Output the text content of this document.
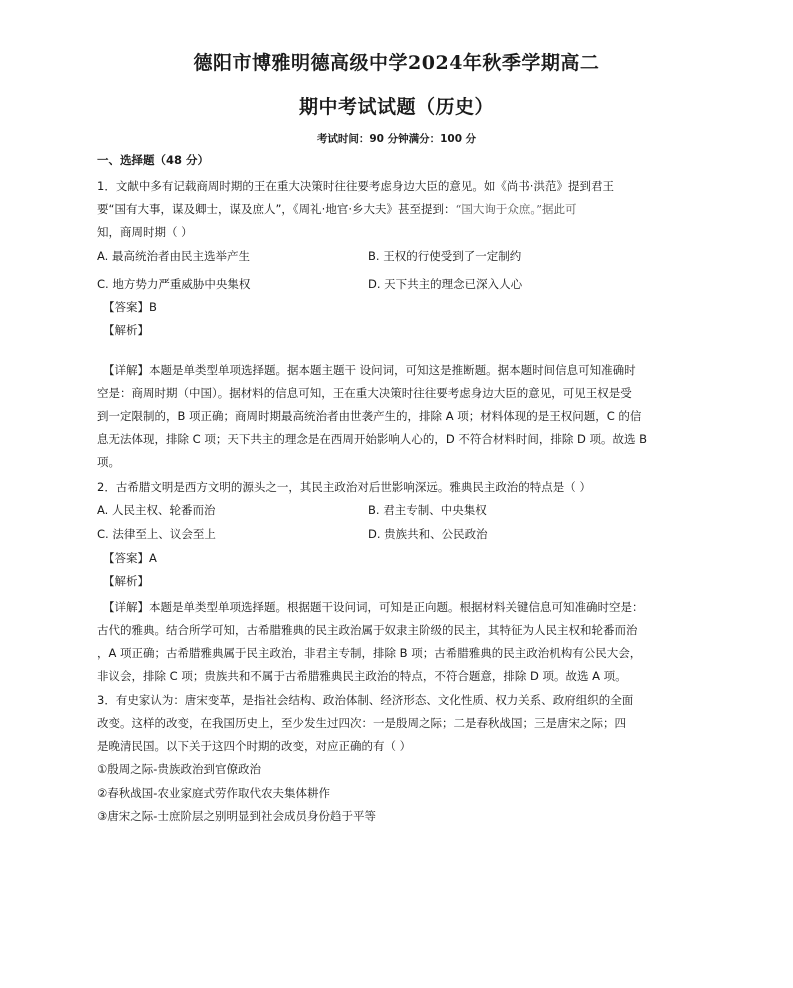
德阳市博雅明德高级中学2024年秋季学期高二
期中考试试题（历史）
考试时间：90 分钟满分：100 分
一、选择题（48 分）
1．文献中多有记载商周时期的王在重大决策时往往要考虑身边大臣的意见。如《尚书·洪范》提到君王
要“国有大事，谋及卿士，谋及庶人”，《周礼·地官·乡大夫》甚至提到：“国大询于众庶。”据此可
知，商周时期（ ）
A. 最高统治者由民主选举产生	B. 王权的行使受到了一定制约
C. 地方势力严重威胁中央集权	D. 天下共主的理念已深入人心
【答案】B
【解析】
【详解】本题是单类型单项选择题。据本题主题干 设问词，可知这是推断题。据本题时间信息可知准确时
空是：商周时期（中国）。据材料的信息可知，王在重大决策时往往要考虑身边大臣的意见，可见王权是受
到一定限制的，B 项正确；商周时期最高统治者由世袭产生的，排除 A 项；材料体现的是王权问题，C 的信
息无法体现，排除 C 项；天下共主的理念是在西周开始影响人心的，D 不符合材料时间，排除 D 项。故选 B
项。
2．古希腊文明是西方文明的源头之一，其民主政治对后世影响深远。雅典民主政治的特点是（ ）
A. 人民主权、轮番而治	B. 君主专制、中央集权
C. 法律至上、议会至上	D. 贵族共和、公民政治
【答案】A
【解析】
【详解】本题是单类型单项选择题。根据题干设问词，可知是正向题。根据材料关键信息可知准确时空是：
古代的雅典。结合所学可知，古希腊雅典的民主政治属于奴隶主阶级的民主，其特征为人民主权和轮番而治
，A 项正确；古希腊雅典属于民主政治，非君主专制，排除 B 项；古希腊雅典的民主政治机构有公民大会，
非议会，排除 C 项；贵族共和不属于古希腊雅典民主政治的特点，不符合题意，排除 D 项。故选 A 项。
3．有史家认为：唐宋变革，是指社会结构、政治体制、经济形态、文化性质、权力关系、政府组织的全面
改变。这样的改变，在我国历史上，至少发生过四次：一是殷周之际；二是春秋战国；三是唐宋之际；四
是晚清民国。以下关于这四个时期的改变，对应正确的有（ ）
①殷周之际-贵族政治到官僚政治
②春秋战国-农业家庭式劳作取代农夫集体耕作
③唐宋之际-士庶阶层之别明显到社会成员身份趋于平等
